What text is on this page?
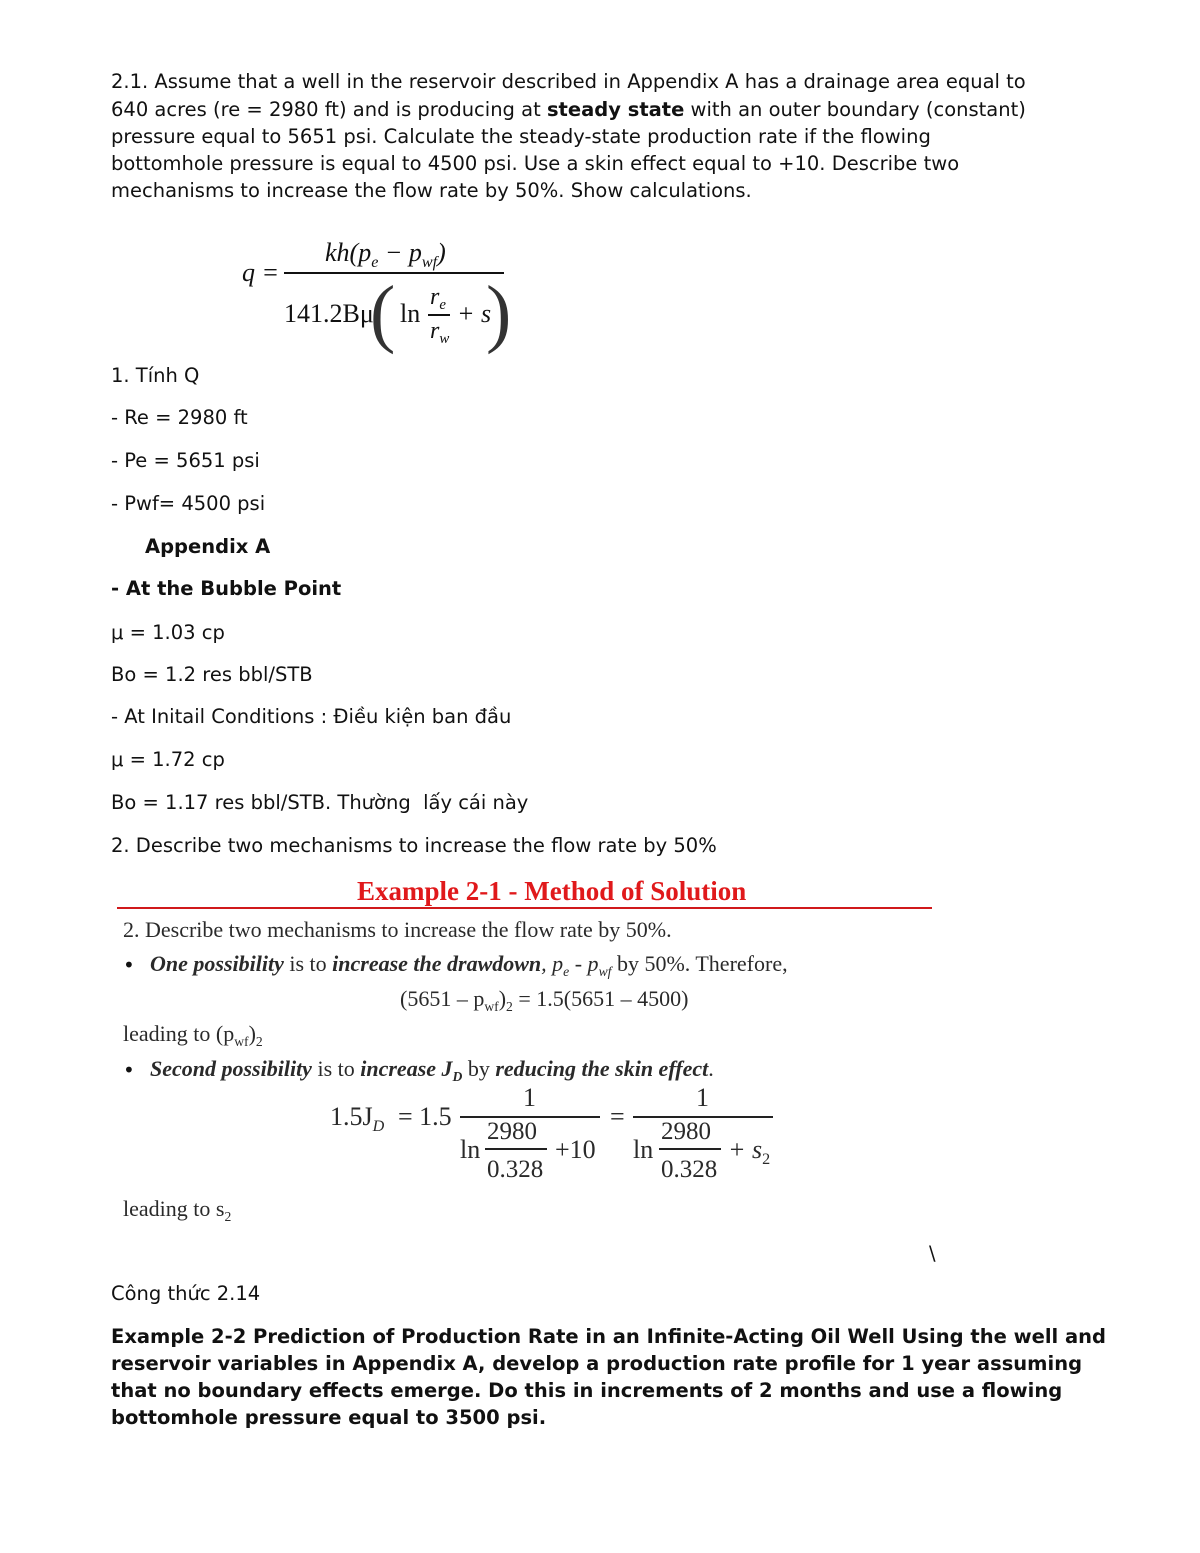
2.1. Assume that a well in the reservoir described in Appendix A has a drainage area equal to

640 acres (re = 2980 ft) and is producing at steady state with an outer boundary (constant)

pressure equal to 5651 psi. Calculate the steady-state production rate if the flowing

bottomhole pressure is equal to 4500 psi. Use a skin effect equal to +10. Describe two

mechanisms to increase the flow rate by 50%. Show calculations.

q =
$kh(p_e - p_{wf})$
141.2Bμ
( ln
$r_e$
$r_w$
+ s
)

1. Tính Q

- Re = 2980 ft

- Pe = 5651 psi

- Pwf= 4500 psi

Appendix A

- At the Bubble Point

μ = 1.03 cp

Bo = 1.2 res bbl/STB

- At Initail Conditions : Điều kiện ban đầu

μ = 1.72 cp

Bo = 1.17 res bbl/STB. Thường  lấy cái này

2. Describe two mechanisms to increase the flow rate by 50%

Example 2-1 - Method of Solution
2. Describe two mechanisms to increase the flow rate by 50%.
• One possibility is to increase the drawdown, $p_e - p_{wf}$ by 50%. Therefore,
$(5651 - p_{wf})_2 = 1.5(5651 - 4500)$
leading to $(p_{wf})_2$
• Second possibility is to increase $J_D$ by reducing the skin effect.
$1.5J_D = 1.5$
1
ln
2980
0.328
+10
=
1
ln
2980
0.328
+ $s_2$
leading to $s_2$
\

Công thức 2.14

Example 2-2 Prediction of Production Rate in an Infinite-Acting Oil Well Using the well and reservoir variables in Appendix A, develop a production rate profile for 1 year assuming that no boundary effects emerge. Do this in increments of 2 months and use a flowing bottomhole pressure equal to 3500 psi.
